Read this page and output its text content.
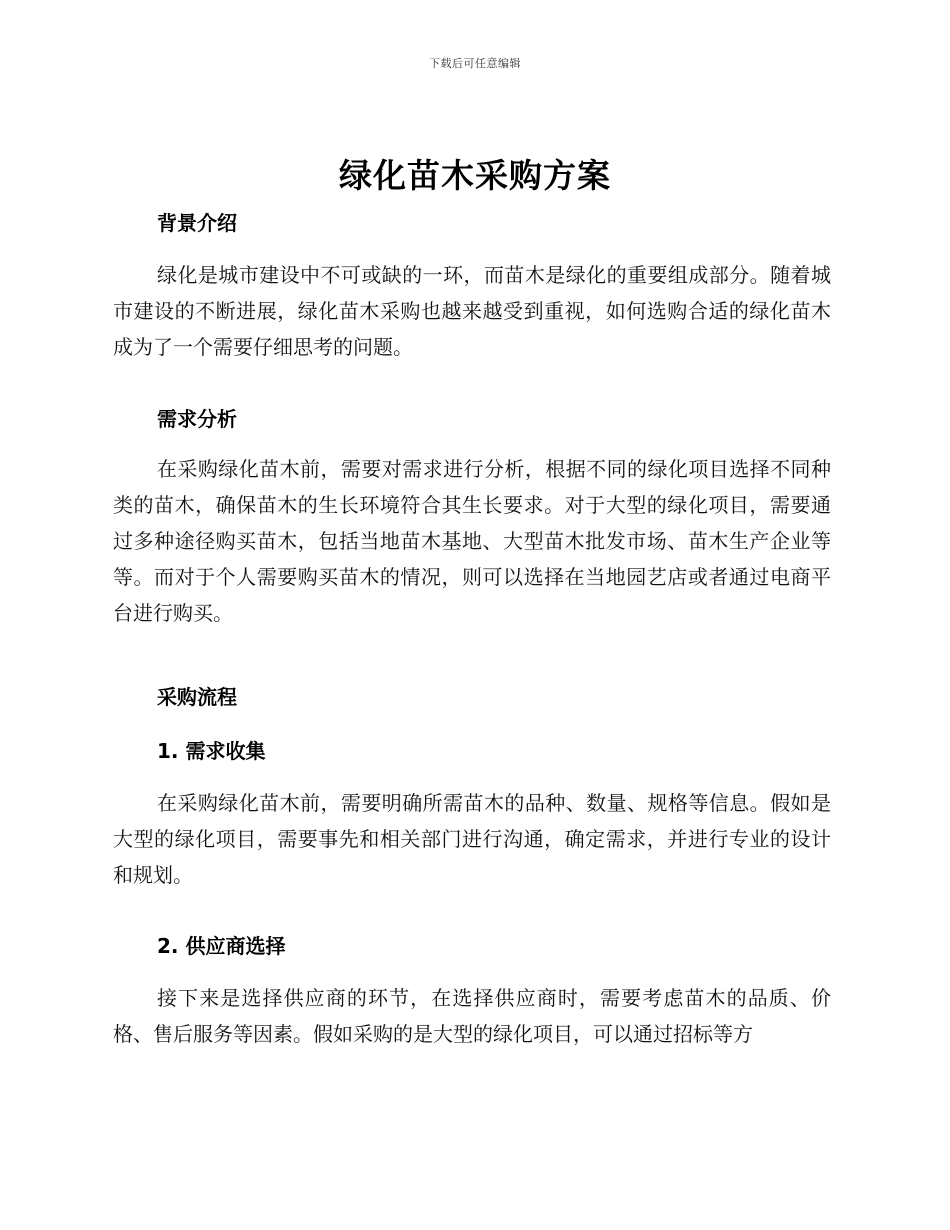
下载后可任意编辑
绿化苗木采购方案
背景介绍

绿化是城市建设中不可或缺的一环，而苗木是绿化的重要组成部分。随着城市建设的不断进展，绿化苗木采购也越来越受到重视，如何选购合适的绿化苗木成为了一个需要仔细思考的问题。

需求分析

在采购绿化苗木前，需要对需求进行分析，根据不同的绿化项目选择不同种类的苗木，确保苗木的生长环境符合其生长要求。对于大型的绿化项目，需要通过多种途径购买苗木，包括当地苗木基地、大型苗木批发市场、苗木生产企业等等。而对于个人需要购买苗木的情况，则可以选择在当地园艺店或者通过电商平台进行购买。

采购流程
1. 需求收集

在采购绿化苗木前，需要明确所需苗木的品种、数量、规格等信息。假如是大型的绿化项目，需要事先和相关部门进行沟通，确定需求，并进行专业的设计和规划。

2. 供应商选择

接下来是选择供应商的环节，在选择供应商时，需要考虑苗木的品质、价格、售后服务等因素。假如采购的是大型的绿化项目，可以通过招标等方
